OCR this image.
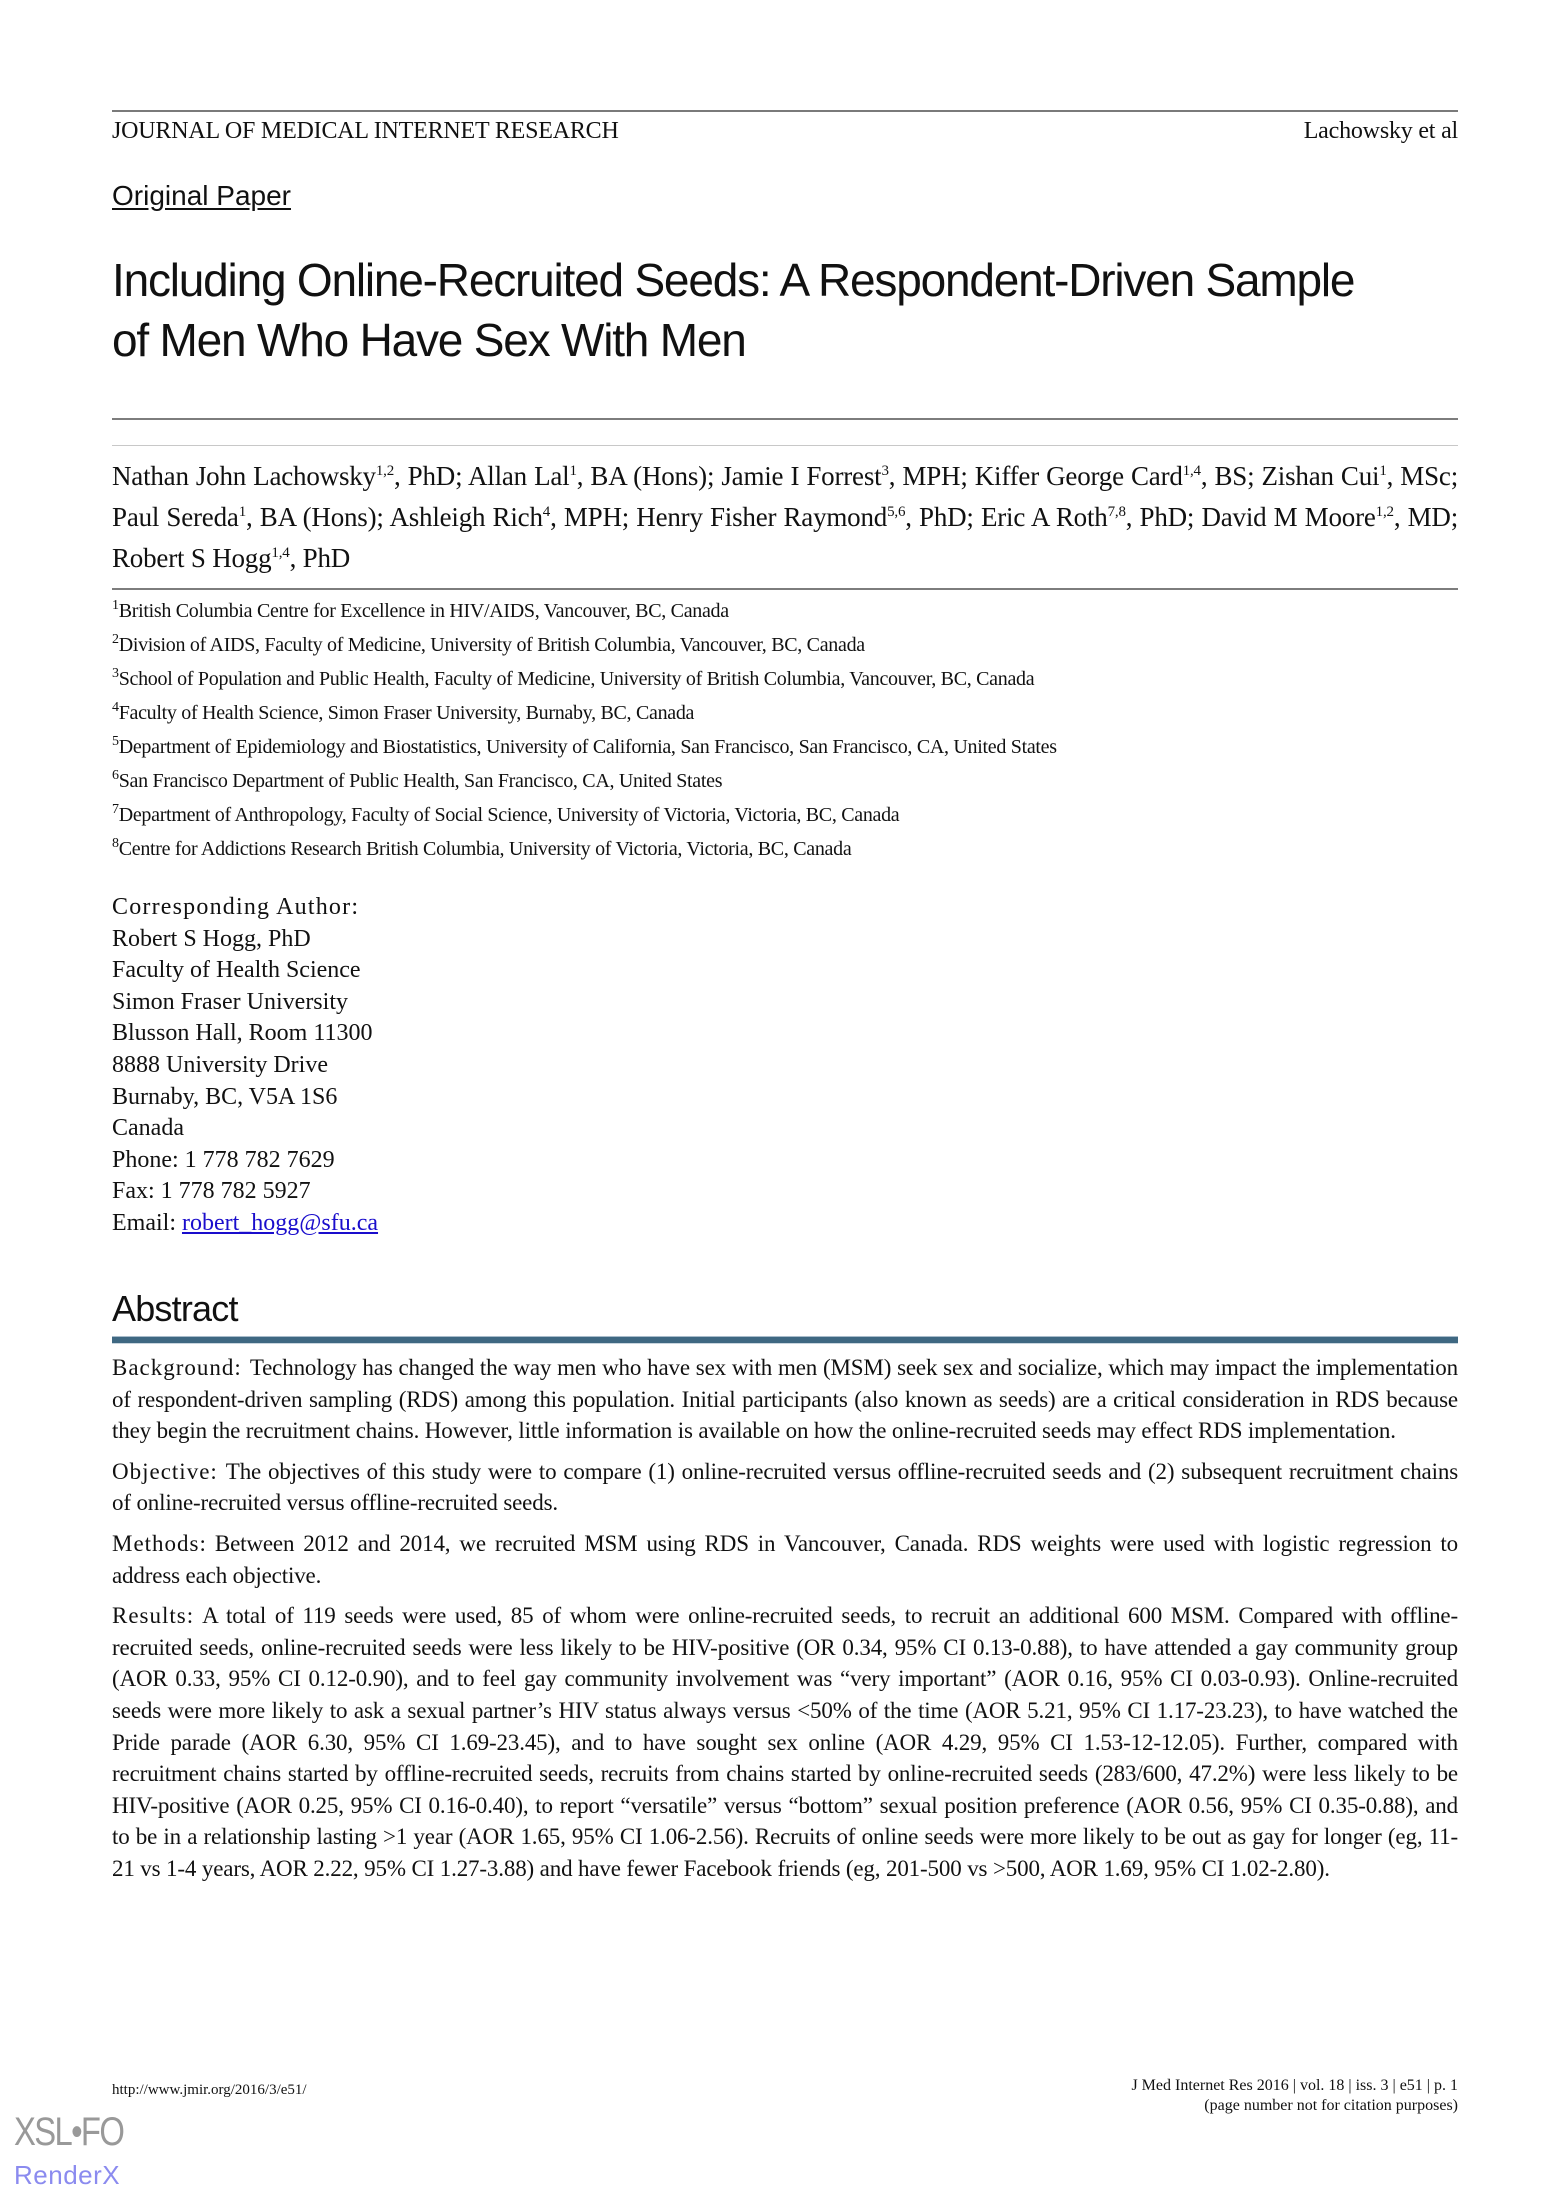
JOURNAL OF MEDICAL INTERNET RESEARCH	Lachowsky et al
Original Paper
Including Online-Recruited Seeds: A Respondent-Driven Sample
of Men Who Have Sex With Men
Nathan John Lachowsky$^{1,2}$, PhD; Allan Lal$^1$, BA (Hons); Jamie I Forrest$^3$, MPH; Kiffer George Card$^{1,4}$, BS; Zishan Cui$^1$, MSc; Paul Sereda$^1$, BA (Hons); Ashleigh Rich$^4$, MPH; Henry Fisher Raymond$^{5,6}$, PhD; Eric A Roth$^{7,8}$, PhD; David M Moore$^{1,2}$, MD; Robert S Hogg$^{1,4}$, PhD
$^1$British Columbia Centre for Excellence in HIV/AIDS, Vancouver, BC, Canada
$^2$Division of AIDS, Faculty of Medicine, University of British Columbia, Vancouver, BC, Canada
$^3$School of Population and Public Health, Faculty of Medicine, University of British Columbia, Vancouver, BC, Canada
$^4$Faculty of Health Science, Simon Fraser University, Burnaby, BC, Canada
$^5$Department of Epidemiology and Biostatistics, University of California, San Francisco, San Francisco, CA, United States
$^6$San Francisco Department of Public Health, San Francisco, CA, United States
$^7$Department of Anthropology, Faculty of Social Science, University of Victoria, Victoria, BC, Canada
$^8$Centre for Addictions Research British Columbia, University of Victoria, Victoria, BC, Canada
Corresponding Author:
Robert S Hogg, PhD
Faculty of Health Science
Simon Fraser University
Blusson Hall, Room 11300
8888 University Drive
Burnaby, BC, V5A 1S6
Canada
Phone: 1 778 782 7629
Fax: 1 778 782 5927
Email: robert_hogg@sfu.ca
Abstract

Background: Technology has changed the way men who have sex with men (MSM) seek sex and socialize, which may impact the implementation of respondent-driven sampling (RDS) among this population. Initial participants (also known as seeds) are a critical consideration in RDS because they begin the recruitment chains. However, little information is available on how the online-recruited seeds may effect RDS implementation.

Objective: The objectives of this study were to compare (1) online-recruited versus offline-recruited seeds and (2) subsequent recruitment chains of online-recruited versus offline-recruited seeds.

Methods: Between 2012 and 2014, we recruited MSM using RDS in Vancouver, Canada. RDS weights were used with logistic regression to address each objective.

Results: A total of 119 seeds were used, 85 of whom were online-recruited seeds, to recruit an additional 600 MSM. Compared with offline-recruited seeds, online-recruited seeds were less likely to be HIV-positive (OR 0.34, 95% CI 0.13-0.88), to have attended a gay community group (AOR 0.33, 95% CI 0.12-0.90), and to feel gay community involvement was “very important” (AOR 0.16, 95% CI 0.03-0.93). Online-recruited seeds were more likely to ask a sexual partner’s HIV status always versus <50% of the time (AOR 5.21, 95% CI 1.17-23.23), to have watched the Pride parade (AOR 6.30, 95% CI 1.69-23.45), and to have sought sex online (AOR 4.29, 95% CI 1.53-12-12.05). Further, compared with recruitment chains started by offline-recruited seeds, recruits from chains started by online-recruited seeds (283/600, 47.2%) were less likely to be HIV-positive (AOR 0.25, 95% CI 0.16-0.40), to report “versatile” versus “bottom” sexual position preference (AOR 0.56, 95% CI 0.35-0.88), and to be in a relationship lasting >1 year (AOR 1.65, 95% CI 1.06-2.56). Recruits of online seeds were more likely to be out as gay for longer (eg, 11-21 vs 1-4 years, AOR 2.22, 95% CI 1.27-3.88) and have fewer Facebook friends (eg, 201-500 vs >500, AOR 1.69, 95% CI 1.02-2.80).

http://www.jmir.org/2016/3/e51/	J Med Internet Res 2016 | vol. 18 | iss. 3 | e51 | p. 1
(page number not for citation purposes)
XSL•FO
RenderX
